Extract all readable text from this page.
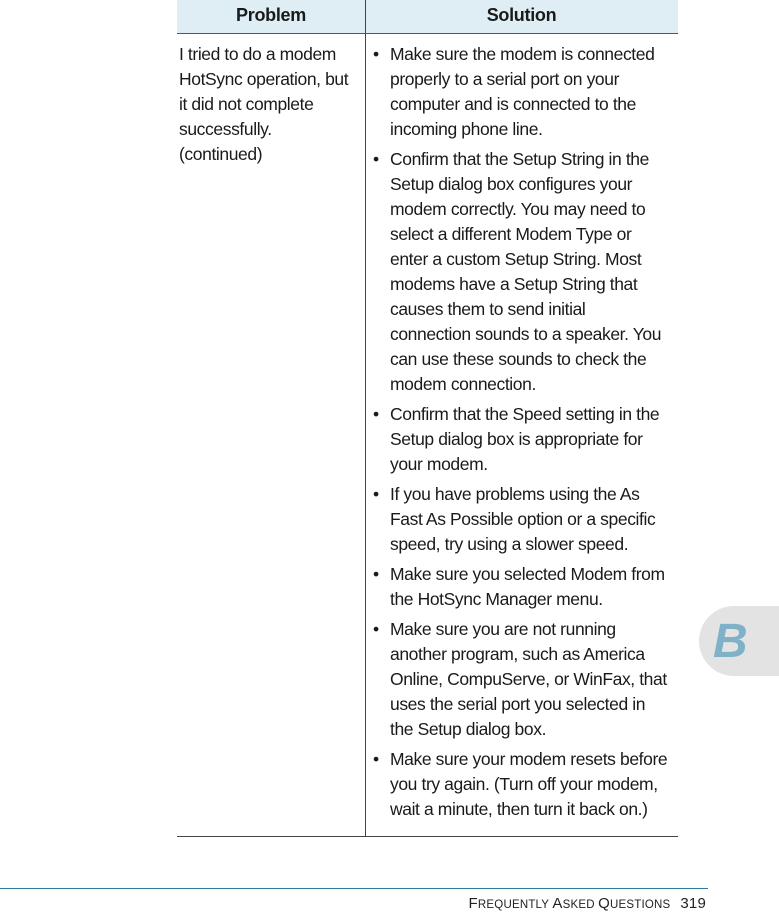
Problem	Solution
I tried to do a modem
HotSync operation, but
it did not complete
successfully.
(continued)
• Make sure the modem is connected
properly to a serial port on your
computer and is connected to the
incoming phone line.
• Confirm that the Setup String in the
Setup dialog box configures your
modem correctly. You may need to
select a different Modem Type or
enter a custom Setup String. Most
modems have a Setup String that
causes them to send initial
connection sounds to a speaker. You
can use these sounds to check the
modem connection.
• Confirm that the Speed setting in the
Setup dialog box is appropriate for
your modem.
• If you have problems using the As
Fast As Possible option or a specific
speed, try using a slower speed.
• Make sure you selected Modem from
the HotSync Manager menu.
• Make sure you are not running
another program, such as America
Online, CompuServe, or WinFax, that
uses the serial port you selected in
the Setup dialog box.
• Make sure your modem resets before
you try again. (Turn off your modem,
wait a minute, then turn it back on.)
B
FREQUENTLY ASKED QUESTIONS 319
